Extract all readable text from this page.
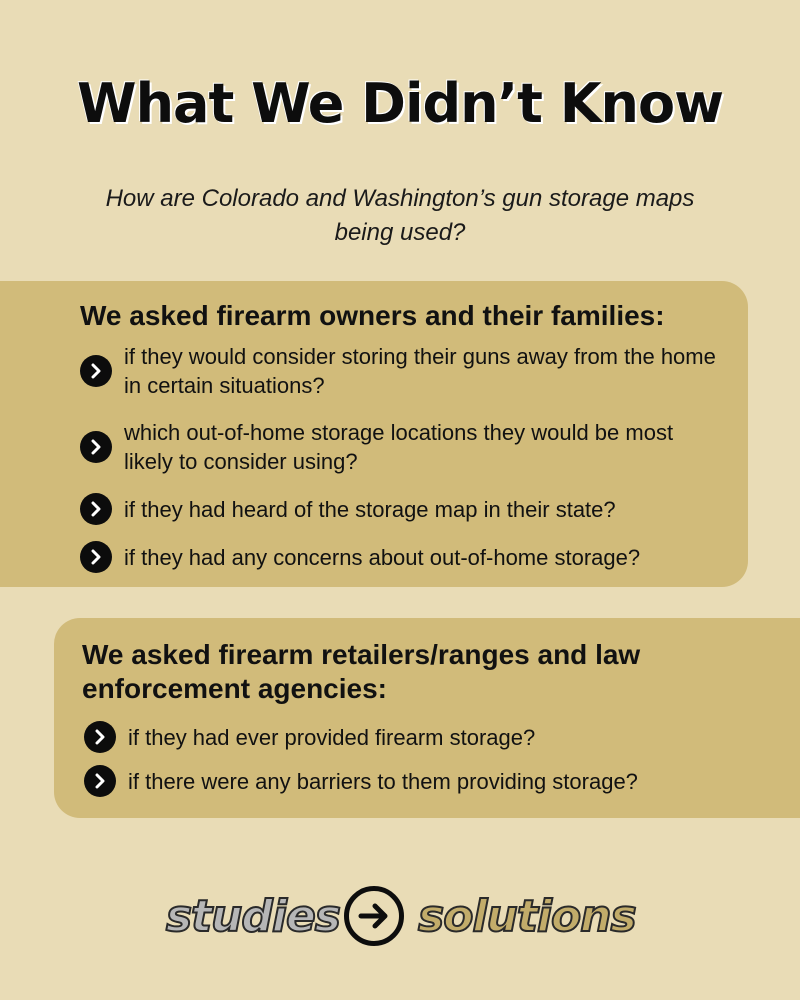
What We Didn’t Know
How are Colorado and Washington’s gun storage maps being used?
We asked firearm owners and their families:
if they would consider storing their guns away from the home in certain situations?
which out-of-home storage locations they would be most likely to consider using?
if they had heard of the storage map in their state?
if they had any concerns about out-of-home storage?
We asked firearm retailers/ranges and law enforcement agencies:
if they had ever provided firearm storage?
if there were any barriers to them providing storage?
studies solutions
